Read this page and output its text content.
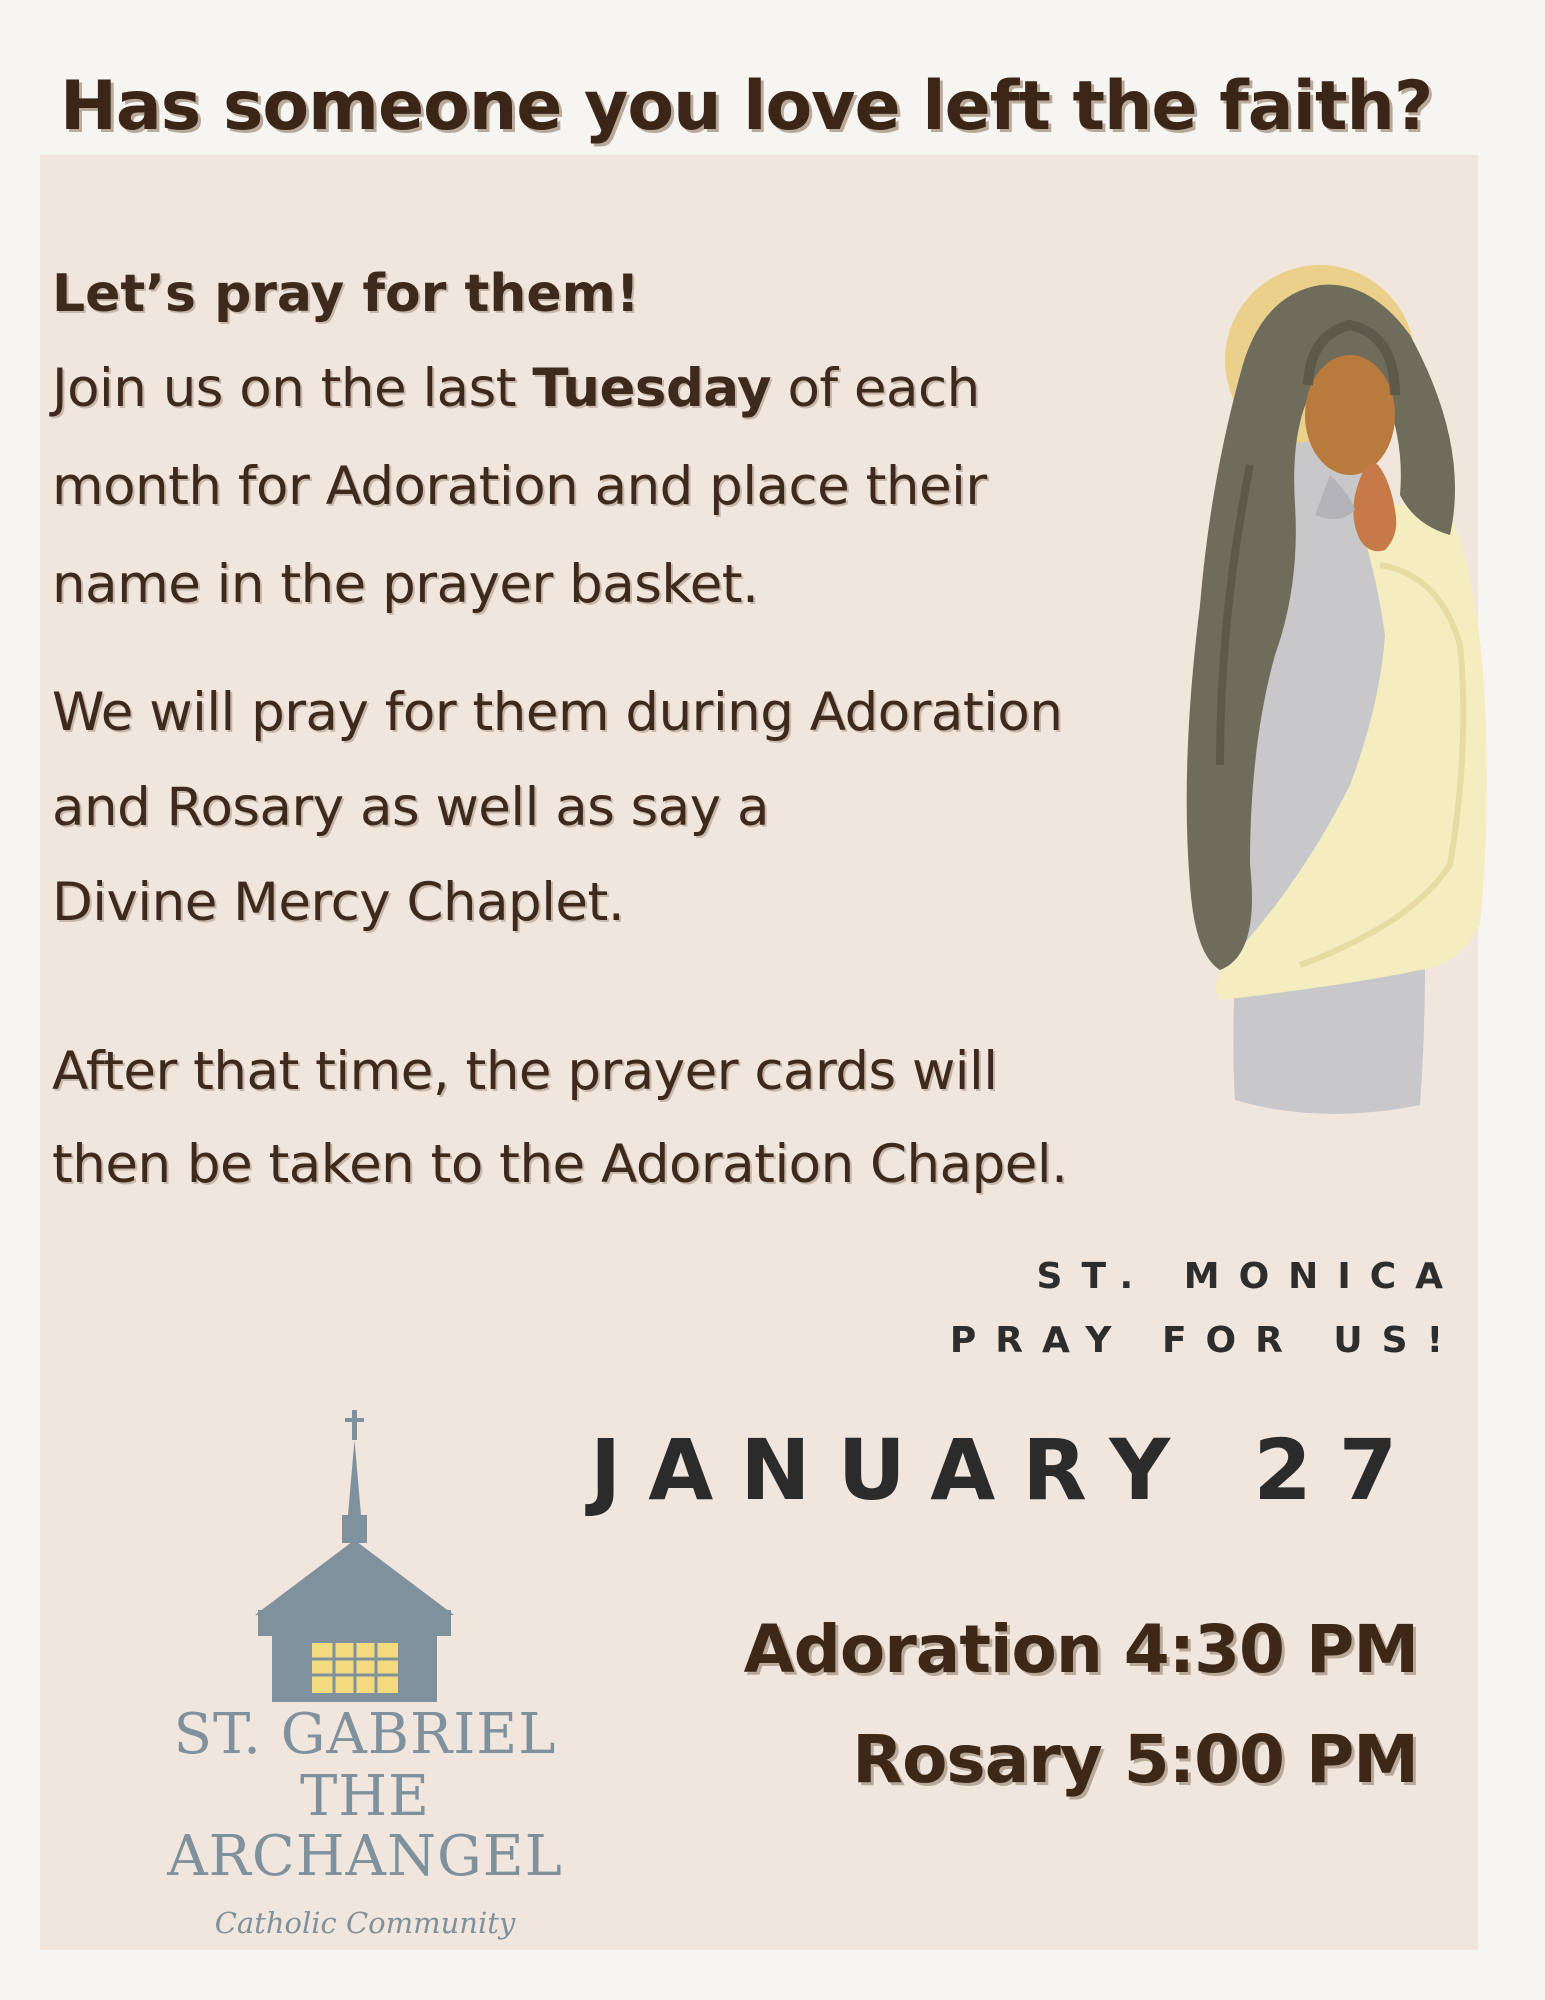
Has someone you love left the faith?
Let’s pray for them!
Join us on the last Tuesday of each
month for Adoration and place their
name in the prayer basket.
We will pray for them during Adoration
and Rosary as well as say a
Divine Mercy Chaplet.
After that time, the prayer cards will
then be taken to the Adoration Chapel.
ST. MONICA
PRAY FOR US!
JANUARY 27
Adoration 4:30 PM
Rosary 5:00 PM
ST. GABRIEL
THE ARCHANGEL
Catholic Community
